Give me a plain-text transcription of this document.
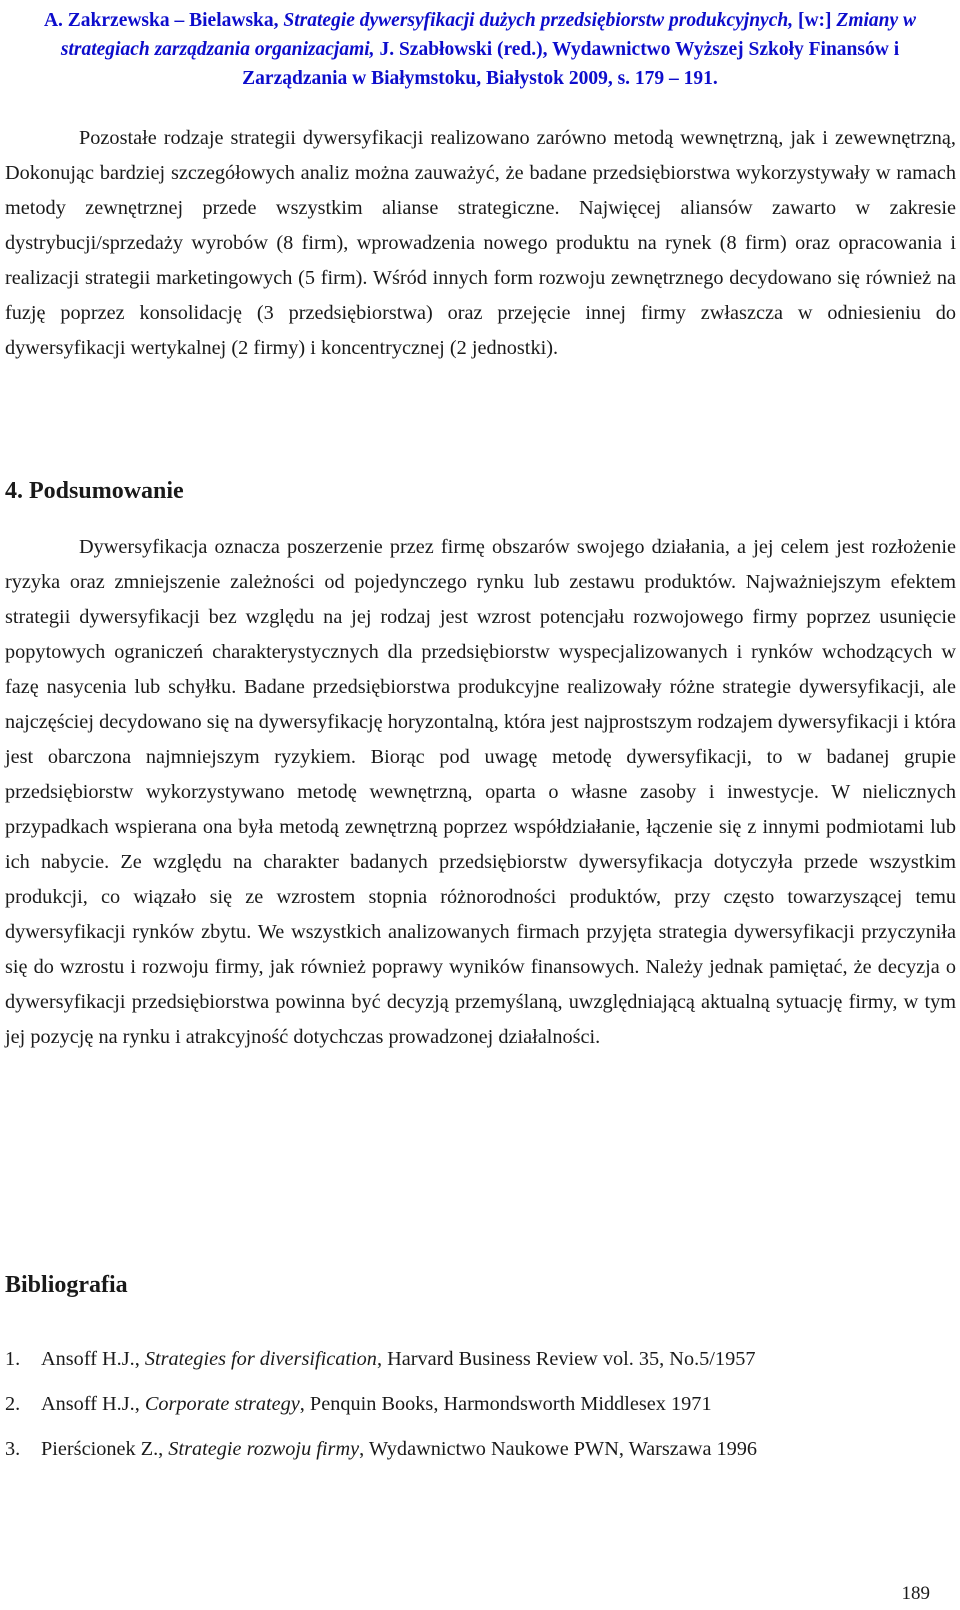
A. Zakrzewska – Bielawska, Strategie dywersyfikacji dużych przedsiębiorstw produkcyjnych, [w:] Zmiany w
strategiach zarządzania organizacjami, J. Szabłowski (red.), Wydawnictwo Wyższej Szkoły Finansów i
Zarządzania w Białymstoku, Białystok 2009, s. 179 – 191.

Pozostałe rodzaje strategii dywersyfikacji realizowano zarówno metodą wewnętrzną, jak i zewewnętrzną, Dokonując bardziej szczegółowych analiz można zauważyć, że badane przedsiębiorstwa wykorzystywały w ramach metody zewnętrznej przede wszystkim alianse strategiczne. Najwięcej aliansów zawarto w zakresie dystrybucji/sprzedaży wyrobów (8 firm), wprowadzenia nowego produktu na rynek (8 firm) oraz opracowania i realizacji strategii marketingowych (5 firm). Wśród innych form rozwoju zewnętrznego decydowano się również na fuzję poprzez konsolidację (3 przedsiębiorstwa) oraz przejęcie innej firmy zwłaszcza w odniesieniu do dywersyfikacji wertykalnej (2 firmy) i koncentrycznej (2 jednostki).

4. Podsumowanie

Dywersyfikacja oznacza poszerzenie przez firmę obszarów swojego działania, a jej celem jest rozłożenie ryzyka oraz zmniejszenie zależności od pojedynczego rynku lub zestawu produktów. Najważniejszym efektem strategii dywersyfikacji bez względu na jej rodzaj jest wzrost potencjału rozwojowego firmy poprzez usunięcie popytowych ograniczeń charakterystycznych dla przedsiębiorstw wyspecjalizowanych i rynków wchodzących w fazę nasycenia lub schyłku. Badane przedsiębiorstwa produkcyjne realizowały różne strategie dywersyfikacji, ale najczęściej decydowano się na dywersyfikację horyzontalną, która jest najprostszym rodzajem dywersyfikacji i która jest obarczona najmniejszym ryzykiem. Biorąc pod uwagę metodę dywersyfikacji, to w badanej grupie przedsiębiorstw wykorzystywano metodę wewnętrzną, oparta o własne zasoby i inwestycje. W nielicznych przypadkach wspierana ona była metodą zewnętrzną poprzez współdziałanie, łączenie się z innymi podmiotami lub ich nabycie. Ze względu na charakter badanych przedsiębiorstw dywersyfikacja dotyczyła przede wszystkim produkcji, co wiązało się ze wzrostem stopnia różnorodności produktów, przy często towarzyszącej temu dywersyfikacji rynków zbytu. We wszystkich analizowanych firmach przyjęta strategia dywersyfikacji przyczyniła się do wzrostu i rozwoju firmy, jak również poprawy wyników finansowych. Należy jednak pamiętać, że decyzja o dywersyfikacji przedsiębiorstwa powinna być decyzją przemyślaną, uwzględniającą aktualną sytuację firmy, w tym jej pozycję na rynku i atrakcyjność dotychczas prowadzonej działalności.

Bibliografia
1. Ansoff H.J., Strategies for diversification, Harvard Business Review vol. 35, No.5/1957
2. Ansoff H.J., Corporate strategy, Penquin Books, Harmondsworth Middlesex 1971
3. Pierścionek Z., Strategie rozwoju firmy, Wydawnictwo Naukowe PWN, Warszawa 1996
189
